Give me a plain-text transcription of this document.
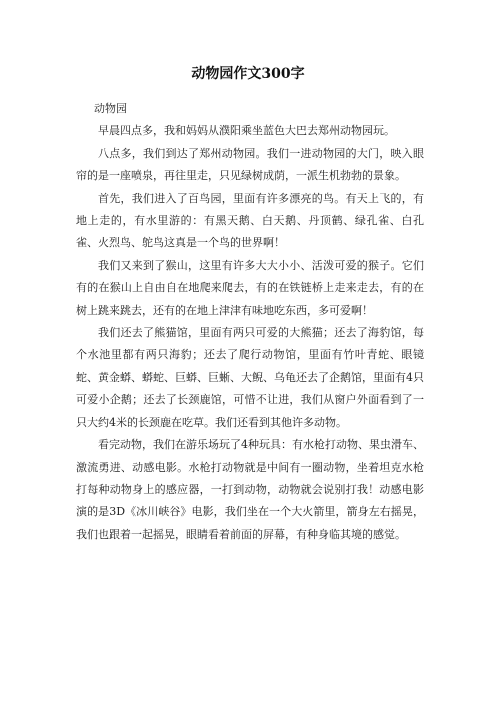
动物园作文300字

动物园

早晨四点多，我和妈妈从濮阳乘坐蓝色大巴去郑州动物园玩。

八点多，我们到达了郑州动物园。我们一进动物园的大门，映入眼帘的是一座喷泉，再往里走，只见绿树成荫，一派生机勃勃的景象。

首先，我们进入了百鸟园，里面有许多漂亮的鸟。有天上飞的，有地上走的，有水里游的：有黑天鹅、白天鹅、丹顶鹤、绿孔雀、白孔雀、火烈鸟、鸵鸟这真是一个鸟的世界啊！

我们又来到了猴山，这里有许多大大小小、活泼可爱的猴子。它们有的在猴山上自由自在地爬来爬去，有的在铁链桥上走来走去，有的在树上跳来跳去，还有的在地上津津有味地吃东西，多可爱啊！

我们还去了熊猫馆，里面有两只可爱的大熊猫；还去了海豹馆，每个水池里都有两只海豹；还去了爬行动物馆，里面有竹叶青蛇、眼镜蛇、黄金蟒、蟒蛇、巨蟒、巨蜥、大鲵、乌龟还去了企鹅馆，里面有4只可爱小企鹅；还去了长颈鹿馆，可惜不让进，我们从窗户外面看到了一只大约4米的长颈鹿在吃草。我们还看到其他许多动物。

看完动物，我们在游乐场玩了4种玩具：有水枪打动物、果虫滑车、激流勇进、动感电影。水枪打动物就是中间有一圈动物，坐着坦克水枪打每种动物身上的感应器，一打到动物，动物就会说别打我！动感电影演的是3D《冰川峡谷》电影，我们坐在一个大火箭里，箭身左右摇晃，我们也跟着一起摇晃，眼睛看着前面的屏幕，有种身临其境的感觉。
